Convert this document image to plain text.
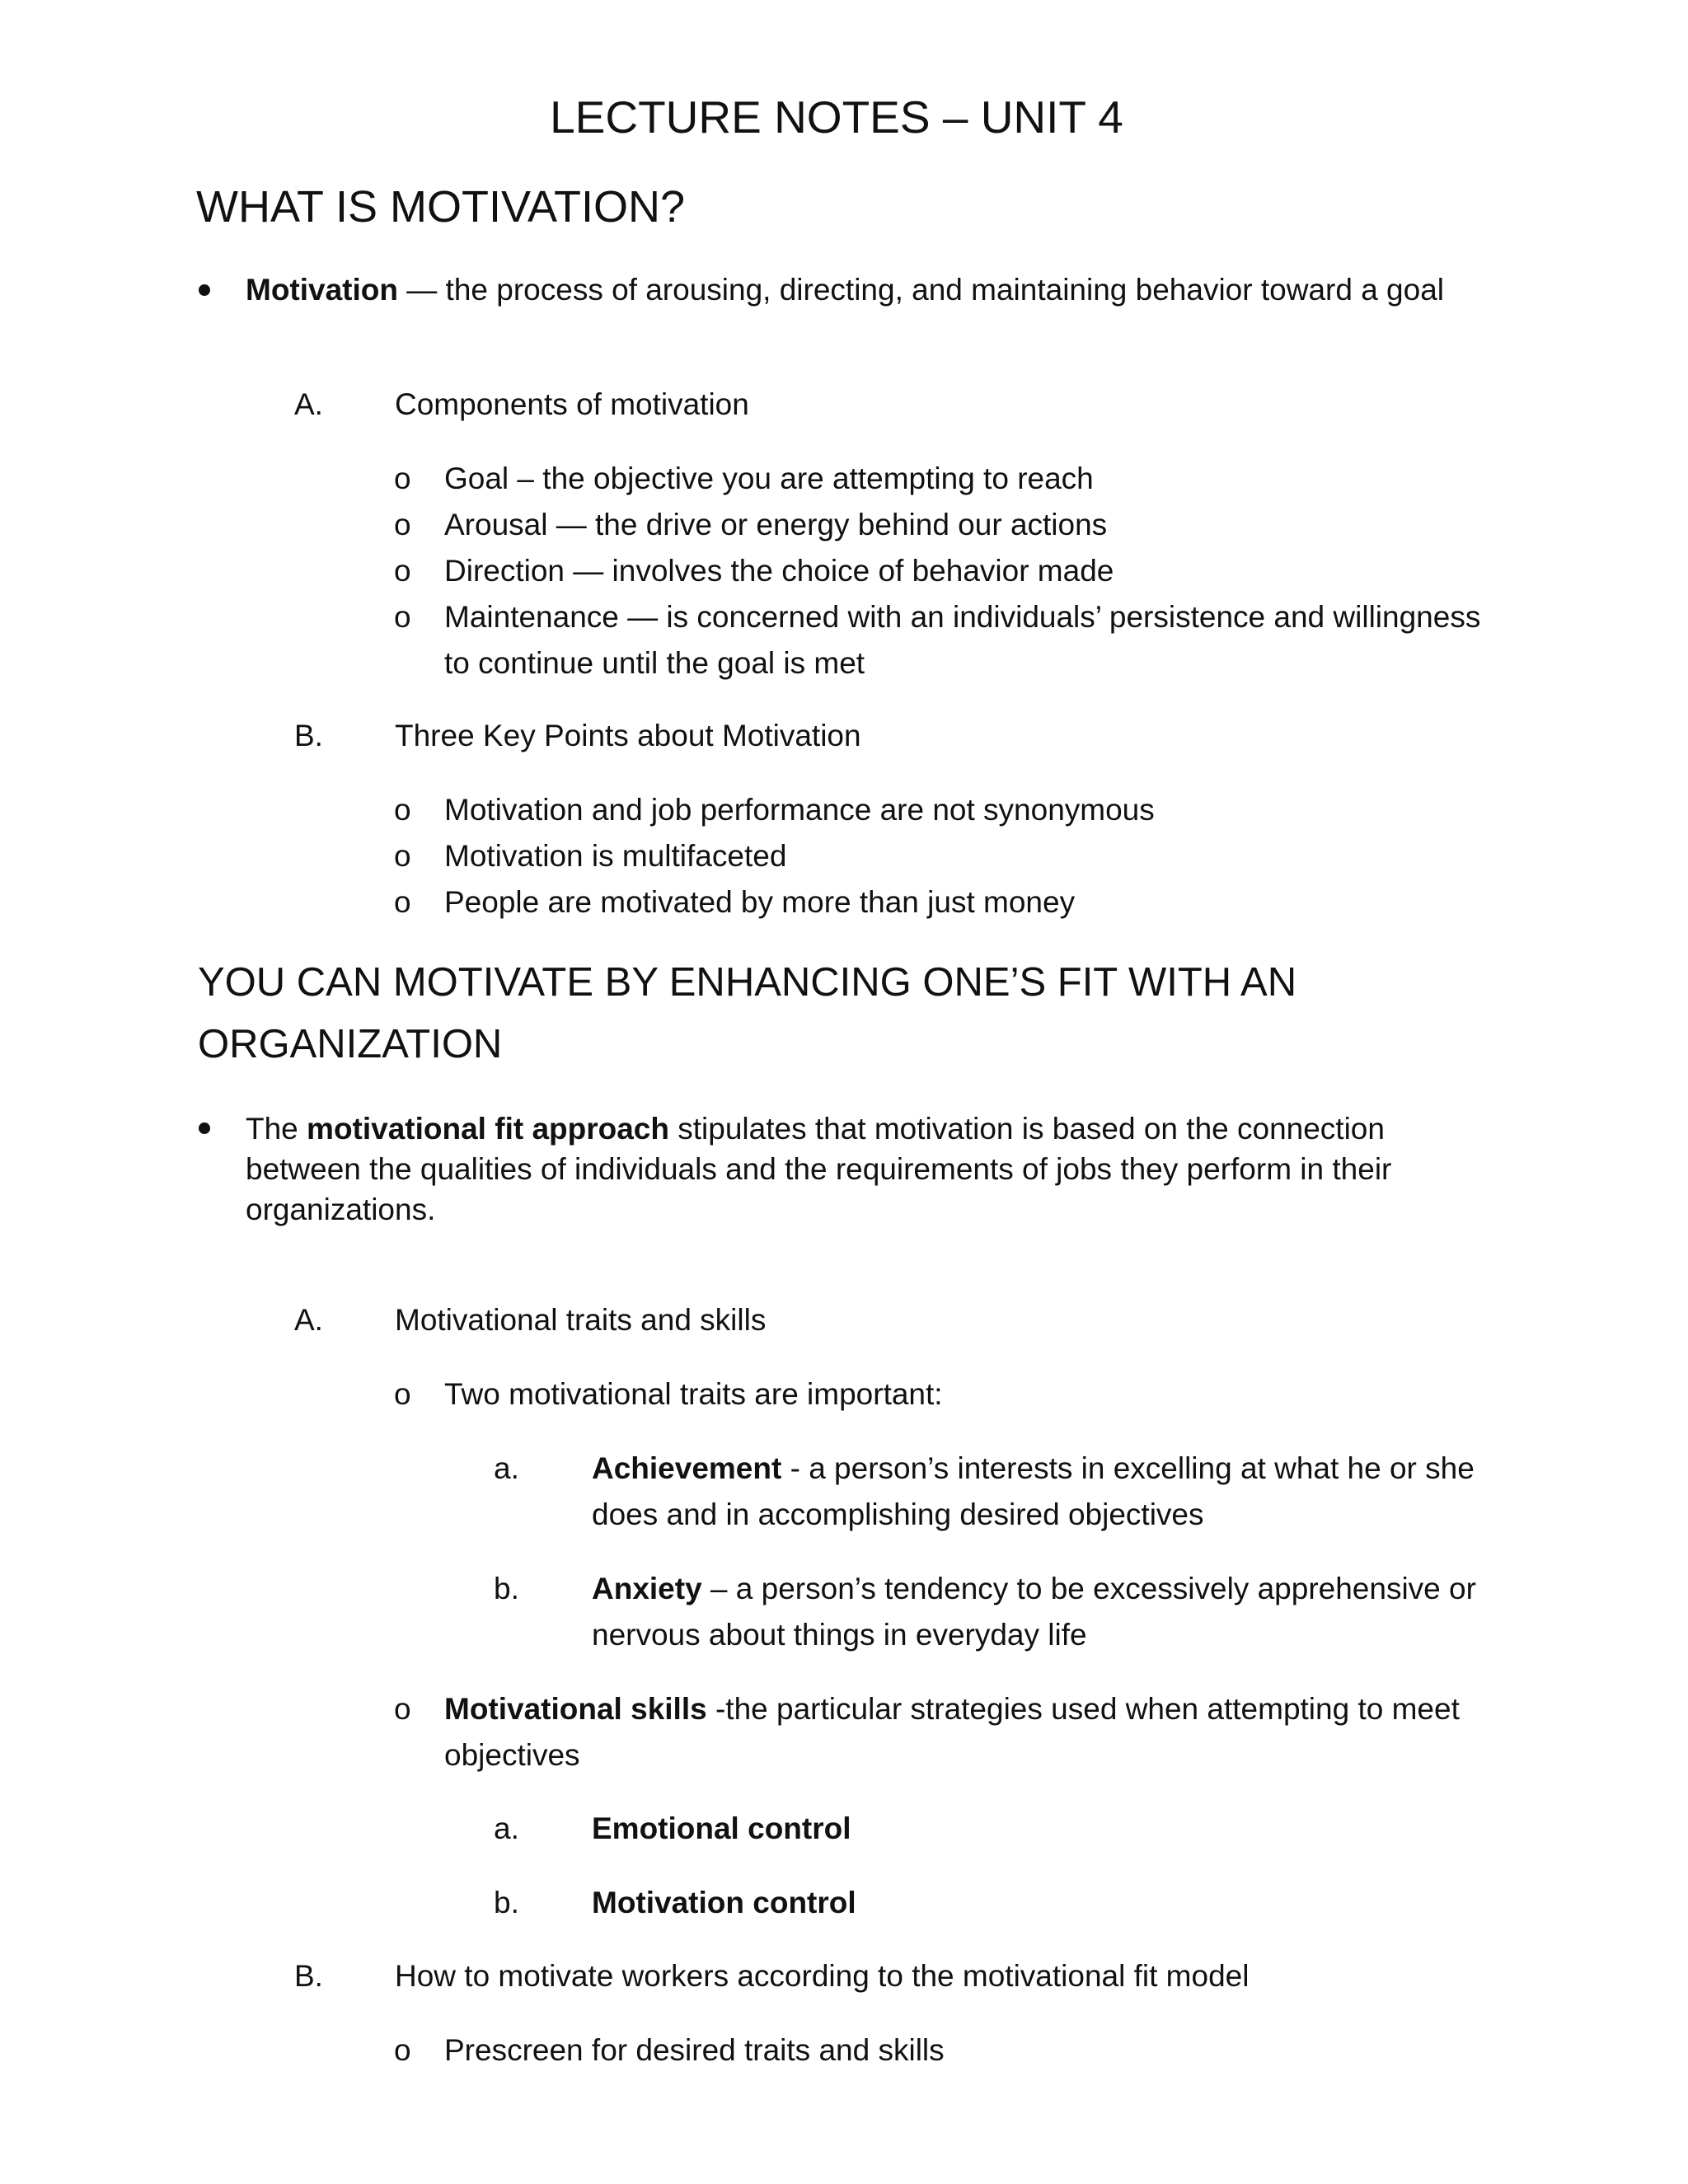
LECTURE NOTES – UNIT 4
WHAT IS MOTIVATION?
Motivation — the process of arousing, directing, and maintaining behavior toward a goal
A. Components of motivation
o Goal – the objective you are attempting to reach
o Arousal — the drive or energy behind our actions
o Direction — involves the choice of behavior made
o Maintenance — is concerned with an individuals’ persistence and willingness
to continue until the goal is met
B. Three Key Points about Motivation
o Motivation and job performance are not synonymous
o Motivation is multifaceted
o People are motivated by more than just money
YOU CAN MOTIVATE BY ENHANCING ONE’S FIT WITH AN
ORGANIZATION
The motivational fit approach stipulates that motivation is based on the connection
between the qualities of individuals and the requirements of jobs they perform in their
organizations.
A. Motivational traits and skills
o Two motivational traits are important:
a. Achievement - a person’s interests in excelling at what he or she
does and in accomplishing desired objectives
b. Anxiety – a person’s tendency to be excessively apprehensive or
nervous about things in everyday life
o Motivational skills -the particular strategies used when attempting to meet
objectives
a. Emotional control
b. Motivation control
B. How to motivate workers according to the motivational fit model
o Prescreen for desired traits and skills
